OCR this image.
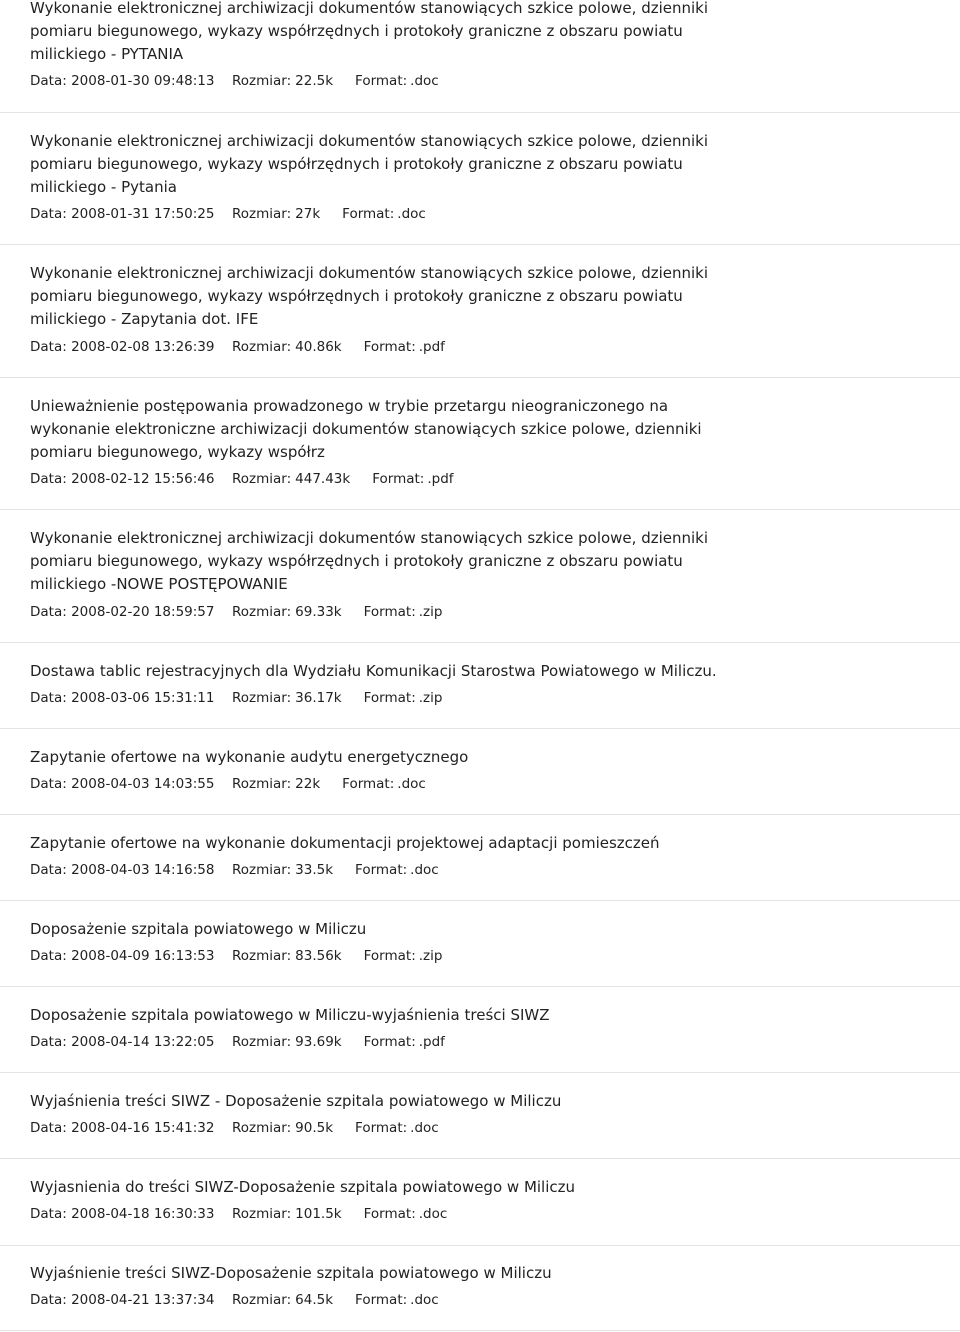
Wykonanie elektronicznej archiwizacji dokumentów stanowiących szkice polowe, dzienniki pomiaru biegunowego, wykazy współrzędnych i protokoły graniczne z obszaru powiatu milickiego - PYTANIA
Data: 2008-01-30 09:48:13 Rozmiar: 22.5k Format: .doc
Wykonanie elektronicznej archiwizacji dokumentów stanowiących szkice polowe, dzienniki pomiaru biegunowego, wykazy współrzędnych i protokoły graniczne z obszaru powiatu milickiego - Pytania
Data: 2008-01-31 17:50:25 Rozmiar: 27k Format: .doc
Wykonanie elektronicznej archiwizacji dokumentów stanowiących szkice polowe, dzienniki pomiaru biegunowego, wykazy współrzędnych i protokoły graniczne z obszaru powiatu milickiego - Zapytania dot. IFE
Data: 2008-02-08 13:26:39 Rozmiar: 40.86k Format: .pdf
Unieważnienie postępowania prowadzonego w trybie przetargu nieograniczonego na wykonanie elektroniczne archiwizacji dokumentów stanowiących szkice polowe, dzienniki pomiaru biegunowego, wykazy współrz
Data: 2008-02-12 15:56:46 Rozmiar: 447.43k Format: .pdf
Wykonanie elektronicznej archiwizacji dokumentów stanowiących szkice polowe, dzienniki pomiaru biegunowego, wykazy współrzędnych i protokoły graniczne z obszaru powiatu milickiego -NOWE POSTĘPOWANIE
Data: 2008-02-20 18:59:57 Rozmiar: 69.33k Format: .zip
Dostawa tablic rejestracyjnych dla Wydziału Komunikacji Starostwa Powiatowego w Miliczu.
Data: 2008-03-06 15:31:11 Rozmiar: 36.17k Format: .zip
Zapytanie ofertowe na wykonanie audytu energetycznego
Data: 2008-04-03 14:03:55 Rozmiar: 22k Format: .doc
Zapytanie ofertowe na wykonanie dokumentacji projektowej adaptacji pomieszczeń
Data: 2008-04-03 14:16:58 Rozmiar: 33.5k Format: .doc
Doposażenie szpitala powiatowego w Miliczu
Data: 2008-04-09 16:13:53 Rozmiar: 83.56k Format: .zip
Doposażenie szpitala powiatowego w Miliczu-wyjaśnienia treści SIWZ
Data: 2008-04-14 13:22:05 Rozmiar: 93.69k Format: .pdf
Wyjaśnienia treści SIWZ - Doposażenie szpitala powiatowego w Miliczu
Data: 2008-04-16 15:41:32 Rozmiar: 90.5k Format: .doc
Wyjasnienia do treści SIWZ-Doposażenie szpitala powiatowego w Miliczu
Data: 2008-04-18 16:30:33 Rozmiar: 101.5k Format: .doc
Wyjaśnienie treści SIWZ-Doposażenie szpitala powiatowego w Miliczu
Data: 2008-04-21 13:37:34 Rozmiar: 64.5k Format: .doc
